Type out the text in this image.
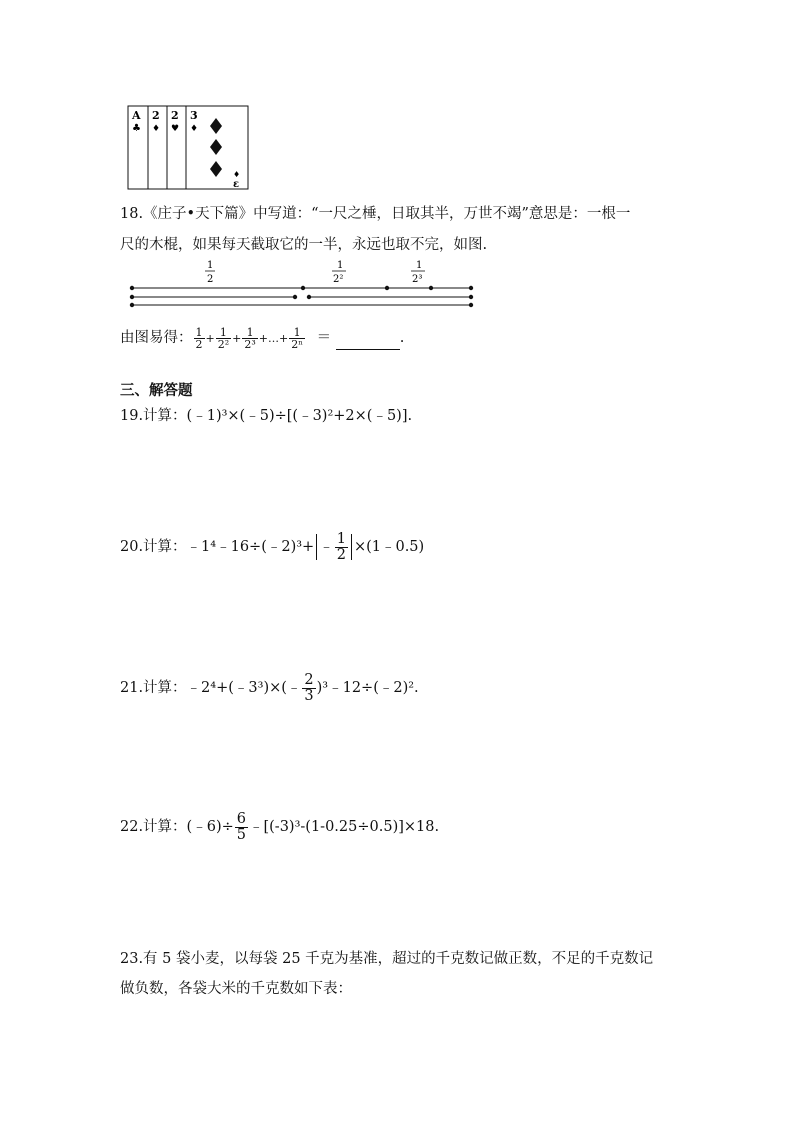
A
♣
2
♦
2
♥
3
♦
♦
ε
18.《庄子•天下篇》中写道：“一尺之棰，日取其半，万世不竭”意思是：一根一
尺的木棍，如果每天截取它的一半，永远也取不完，如图.
1
2
1
2²
1
2³
由图易得： $\frac{1}{2} + \frac{1}{\text{2²}} + \frac{1}{\text{2³}}$ +…+ $\frac{1}{\text{2ⁿ}}$ ＝	.
三、解答题
19.计算：(﹣1)³×(﹣5)÷[(﹣3)²+2×(﹣5)].
20.计算：﹣1⁴﹣16÷(﹣2)³+ ﹣ $\frac{1}{2}$ ×(1﹣0.5)
21.计算：﹣2⁴+(﹣3³)×(﹣ $\frac{2}{3}$ )³﹣12÷(﹣2)².
22.计算：(﹣6)÷ $\frac{6}{5}$ ﹣[(-3)³-(1-0.25÷0.5)]×18.
23.有 5 袋小麦，以每袋 25 千克为基准，超过的千克数记做正数，不足的千克数记
做负数，各袋大米的千克数如下表：
